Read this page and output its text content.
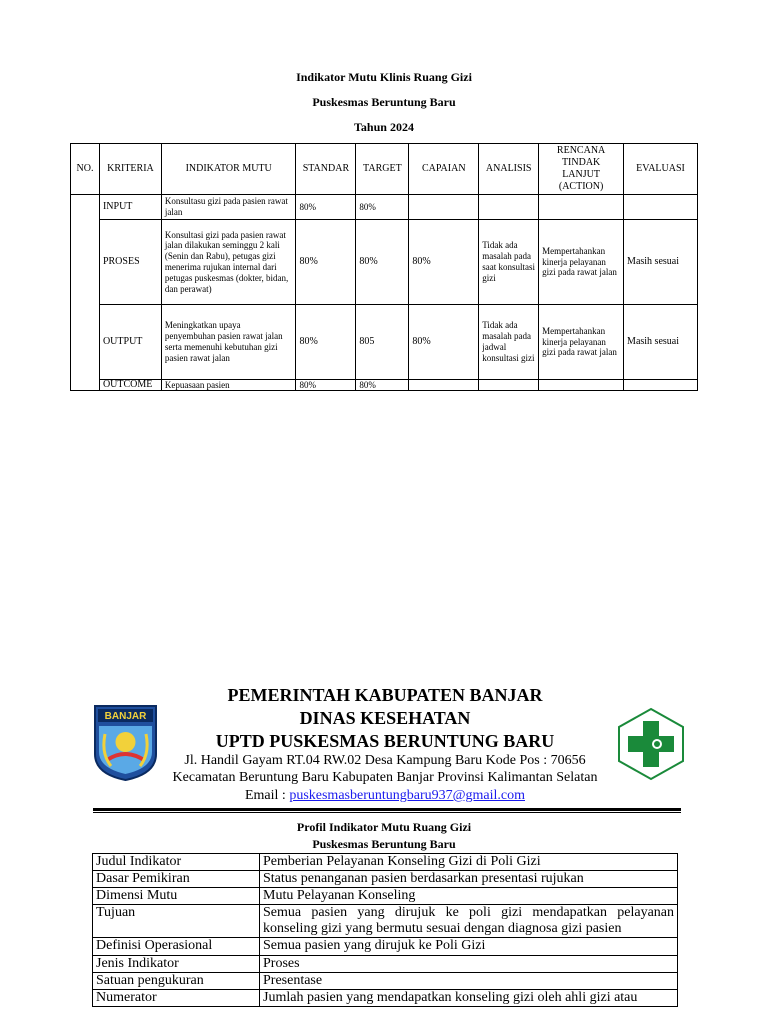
Indikator Mutu Klinis Ruang Gizi
Puskesmas Beruntung Baru
Tahun 2024
NO.	KRITERIA	INDIKATOR MUTU	STANDAR	TARGET	CAPAIAN	ANALISIS	RENCANA TINDAK LANJUT (ACTION)	EVALUASI
	INPUT	Konsultasu gizi pada pasien rawat jalan	80%	80%				
	PROSES	Konsultasi gizi pada pasien rawat jalan dilakukan seminggu 2 kali (Senin dan Rabu), petugas gizi menerima rujukan internal dari petugas puskesmas (dokter, bidan, dan perawat)	80%	80%	80%	Tidak ada masalah pada saat konsultasi gizi	Mempertahankan kinerja pelayanan gizi pada rawat jalan	Masih sesuai
	OUTPUT	Meningkatkan upaya penyembuhan pasien rawat jalan serta memenuhi kebutuhan gizi pasien rawat jalan	80%	805	80%	Tidak ada masalah pada jadwal konsultasi gizi	Mempertahankan kinerja pelayanan gizi pada rawat jalan	Masih sesuai
	OUTCOME	Kepuasaan pasien	80%	80%				
BANJAR
PEMERINTAH KABUPATEN BANJAR
DINAS KESEHATAN
UPTD PUSKESMAS BERUNTUNG BARU
Jl. Handil Gayam RT.04 RW.02 Desa Kampung Baru Kode Pos : 70656
Kecamatan Beruntung Baru Kabupaten Banjar Provinsi Kalimantan Selatan
Email : puskesmasberuntungbaru937@gmail.com
Profil Indikator Mutu Ruang Gizi
Puskesmas Beruntung Baru
Judul Indikator	Pemberian Pelayanan Konseling Gizi di Poli Gizi
Dasar Pemikiran	Status penanganan pasien berdasarkan presentasi rujukan
Dimensi Mutu	Mutu Pelayanan Konseling
Tujuan	Semua pasien yang dirujuk ke poli gizi mendapatkan pelayanan konseling gizi yang bermutu sesuai dengan diagnosa gizi pasien
Definisi Operasional	Semua pasien yang dirujuk ke Poli Gizi
Jenis Indikator	Proses
Satuan pengukuran	Presentase
Numerator	Jumlah pasien yang mendapatkan konseling gizi oleh ahli gizi atau
